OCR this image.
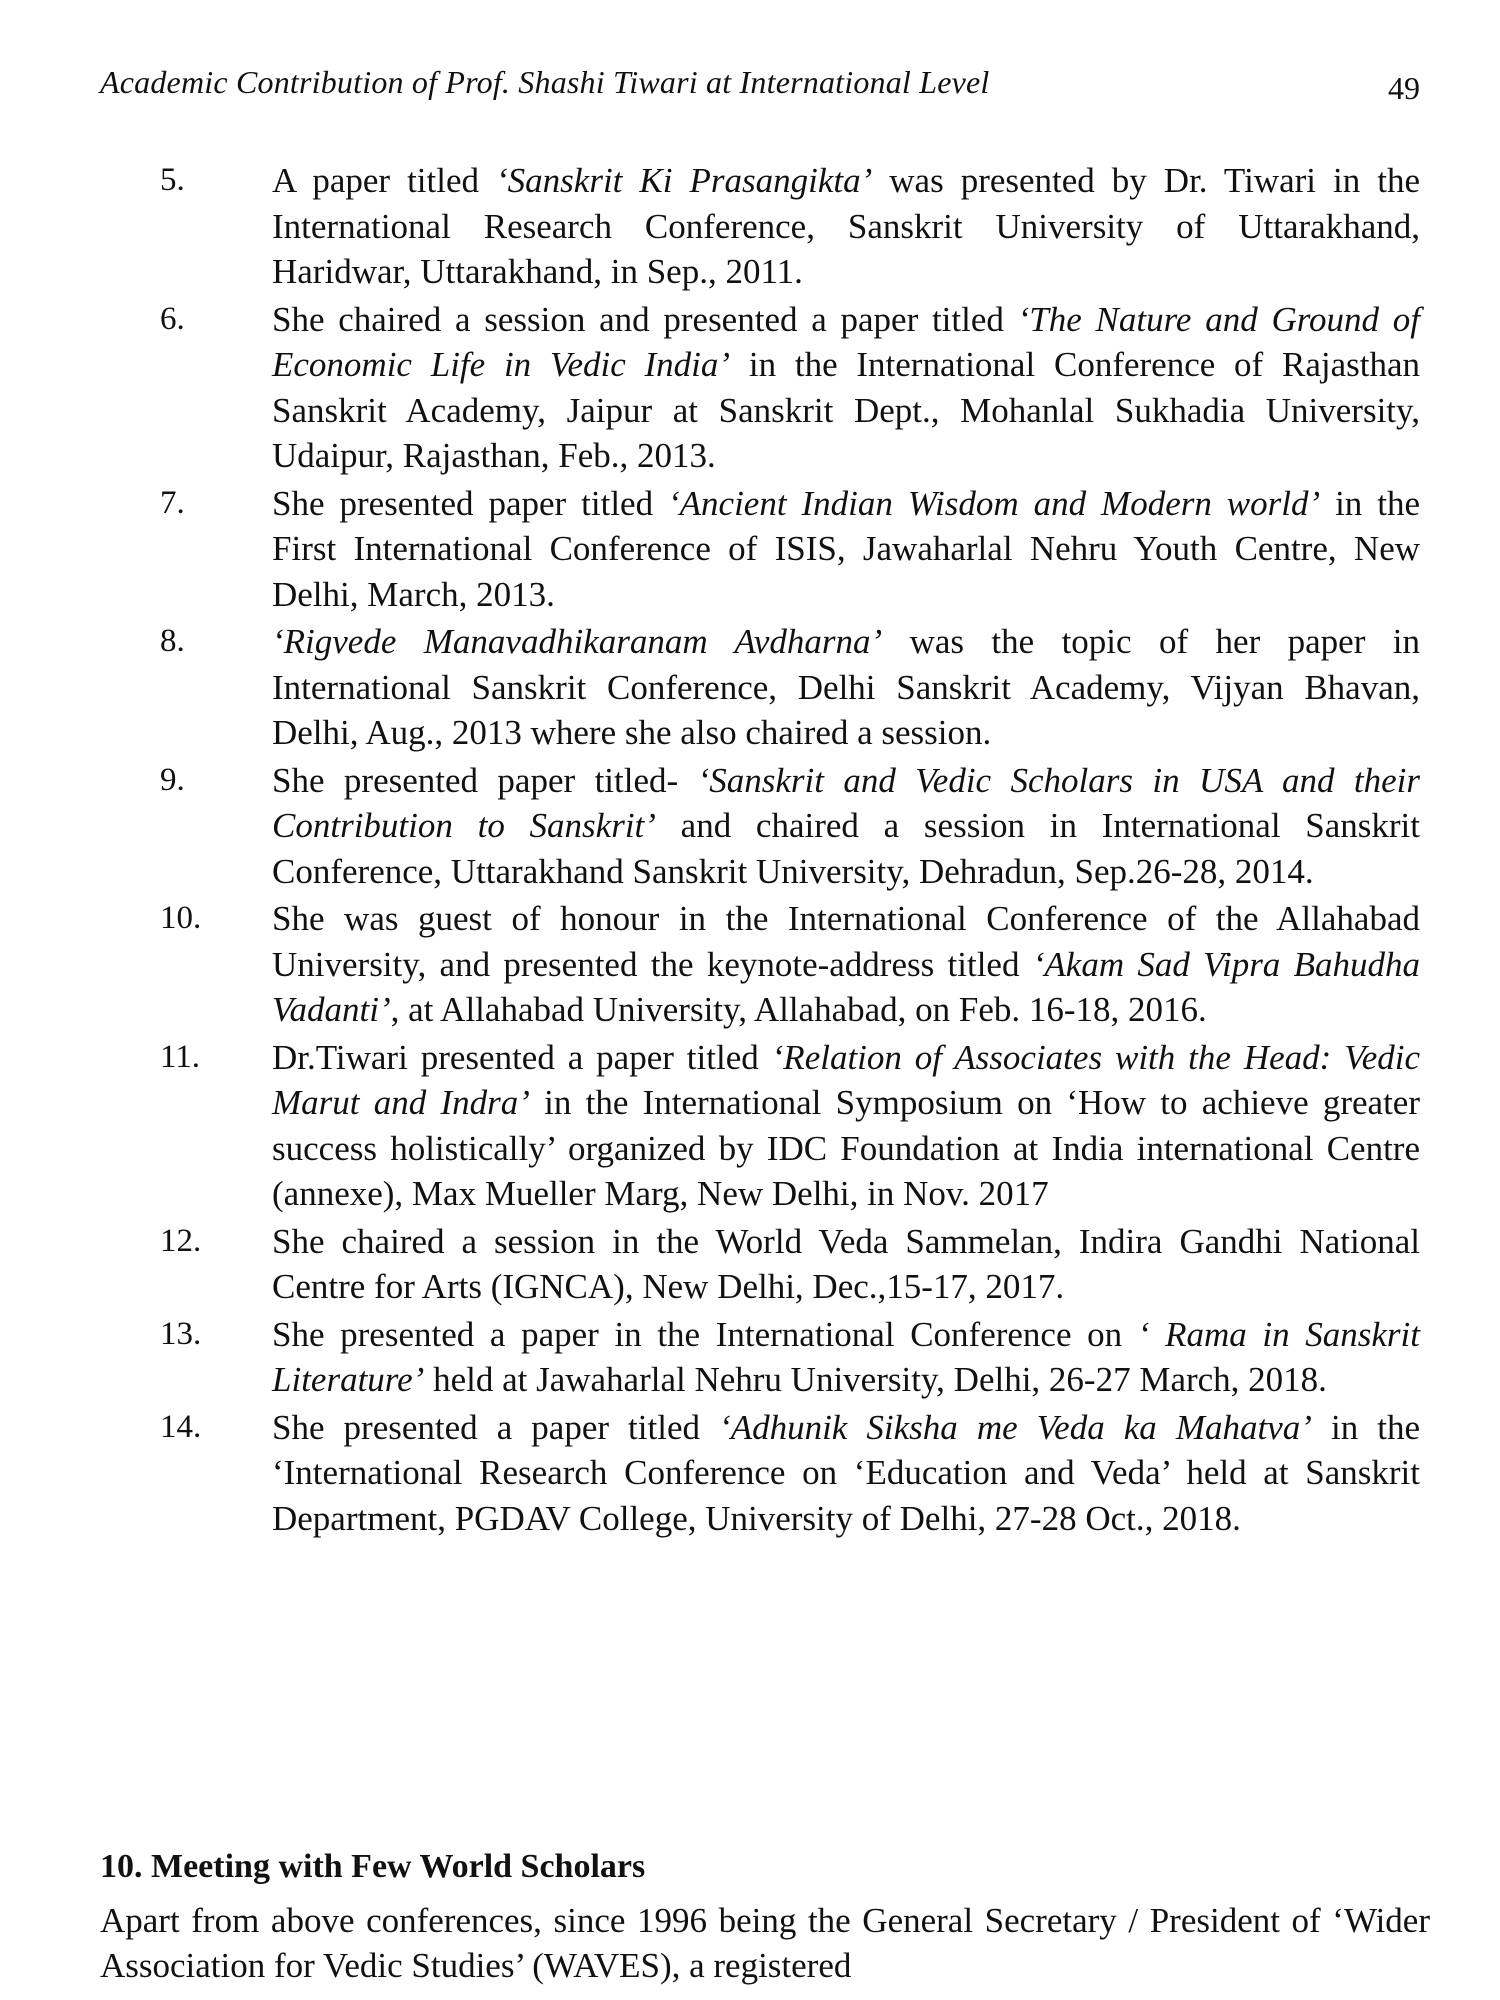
Academic Contribution of Prof. Shashi Tiwari at International Level	49
5. A paper titled ‘Sanskrit Ki Prasangikta’ was presented by Dr. Tiwari in the International Research Conference, Sanskrit University of Uttarakhand, Haridwar, Uttarakhand, in Sep., 2011.
6. She chaired a session and presented a paper titled ‘The Nature and Ground of Economic Life in Vedic India’ in the International Conference of Rajasthan Sanskrit Academy, Jaipur at Sanskrit Dept., Mohanlal Sukhadia University, Udaipur, Rajasthan, Feb., 2013.
7. She presented paper titled ‘Ancient Indian Wisdom and Modern world’ in the First International Conference of ISIS, Jawaharlal Nehru Youth Centre, New Delhi, March, 2013.
8. ‘Rigvede Manavadhikaranam Avdharna’ was the topic of her paper in International Sanskrit Conference, Delhi Sanskrit Academy, Vijyan Bhavan, Delhi, Aug., 2013 where she also chaired a session.
9. She presented paper titled- ‘Sanskrit and Vedic Scholars in USA and their Contribution to Sanskrit’ and chaired a session in International Sanskrit Conference, Uttarakhand Sanskrit University, Dehradun, Sep.26-28, 2014.
10. She was guest of honour in the International Conference of the Allahabad University, and presented the keynote-address titled ‘Akam Sad Vipra Bahudha Vadanti’, at Allahabad University, Allahabad, on Feb. 16-18, 2016.
11. Dr.Tiwari presented a paper titled ‘Relation of Associates with the Head: Vedic Marut and Indra’ in the International Symposium on ‘How to achieve greater success holistically’ organized by IDC Foundation at India international Centre (annexe), Max Mueller Marg, New Delhi, in Nov. 2017
12. She chaired a session in the World Veda Sammelan, Indira Gandhi National Centre for Arts (IGNCA), New Delhi, Dec.,15-17, 2017.
13. She presented a paper in the International Conference on ‘ Rama in Sanskrit Literature’ held at Jawaharlal Nehru University, Delhi, 26-27 March, 2018.
14. She presented a paper titled ‘Adhunik Siksha me Veda ka Mahatva’ in the ‘International Research Conference on ‘Education and Veda’ held at Sanskrit Department, PGDAV College, University of Delhi, 27-28 Oct., 2018.
10. Meeting with Few World Scholars

Apart from above conferences, since 1996 being the General Secretary / President of ‘Wider Association for Vedic Studies’ (WAVES), a registered
